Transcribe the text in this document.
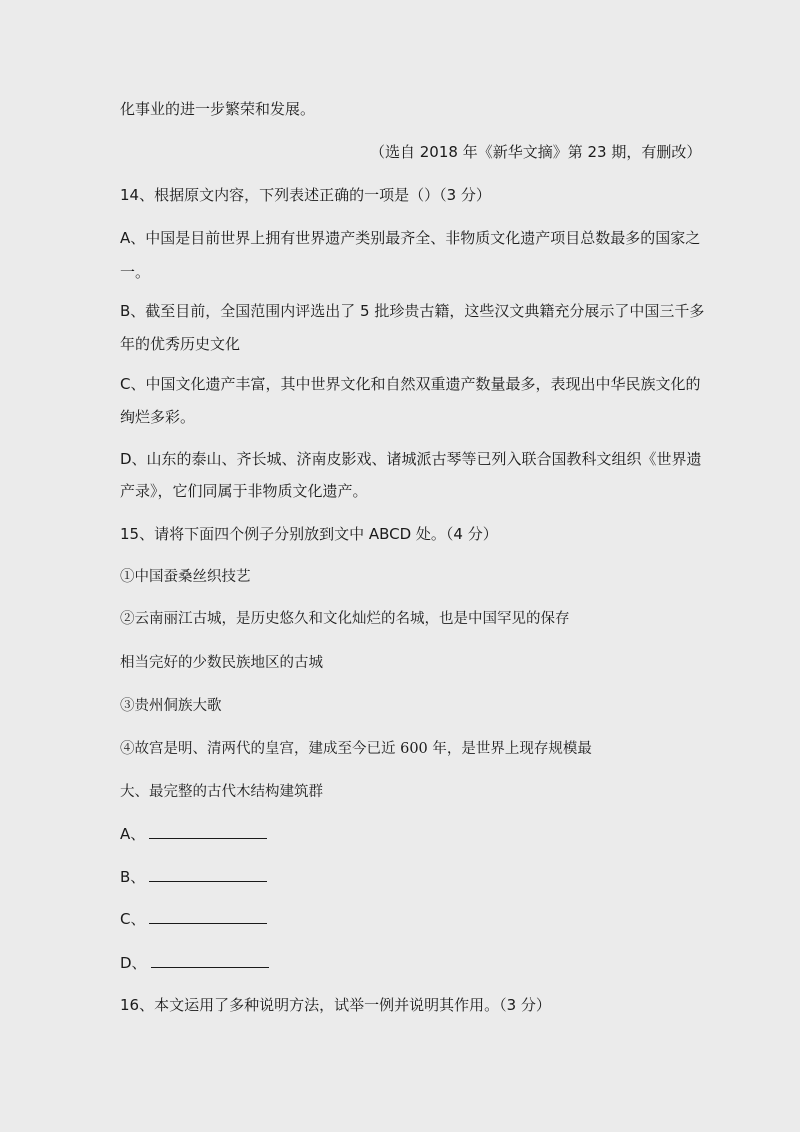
化事业的进一步繁荣和发展。
（选自 2018 年《新华文摘》第 23 期，有删改）
14、根据原文内容，下列表述正确的一项是（）（3 分）
A、中国是目前世界上拥有世界遗产类别最齐全、非物质文化遗产项目总数最多的国家之
一。
B、截至目前，全国范围内评选出了 5 批珍贵古籍，这些汉文典籍充分展示了中国三千多
年的优秀历史文化
C、中国文化遗产丰富，其中世界文化和自然双重遗产数量最多，表现出中华民族文化的
绚烂多彩。
D、山东的泰山、齐长城、济南皮影戏、诸城派古琴等已列入联合国教科文组织《世界遗
产录》，它们同属于非物质文化遗产。
15、请将下面四个例子分别放到文中 ABCD 处。（4 分）
①中国蚕桑丝织技艺
②云南丽江古城，是历史悠久和文化灿烂的名城，也是中国罕见的保存
相当完好的少数民族地区的古城
③贵州侗族大歌
④故宫是明、清两代的皇宫，建成至今已近 600 年，是世界上现存规模最
大、最完整的古代木结构建筑群
A、
B、
C、
D、
16、本文运用了多种说明方法，试举一例并说明其作用。（3 分）
